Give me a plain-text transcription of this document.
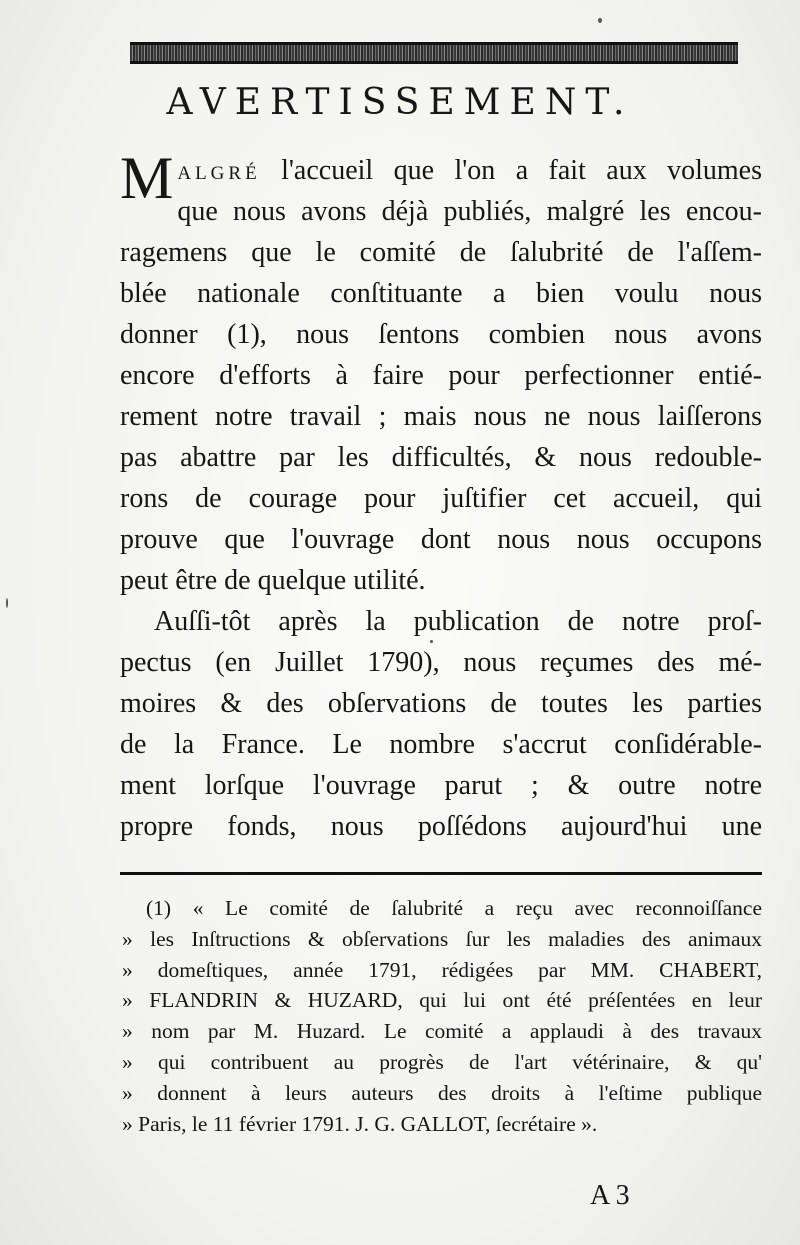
AVERTISSEMENT.
MALGRÉ l'accueil que l'on a fait aux volumes
que nous avons déjà publiés, malgré les encou-
ragemens que le comité de ſalubrité de l'aſſem-
blée nationale conſtituante a bien voulu nous
donner (1), nous ſentons combien nous avons
encore d'efforts à faire pour perfectionner entié-
rement notre travail ; mais nous ne nous laiſſerons
pas abattre par les difficultés, & nous redouble-
rons de courage pour juſtifier cet accueil, qui
prouve que l'ouvrage dont nous nous occupons
peut être de quelque utilité.
Auſſi-tôt après la publication de notre proſ-
pectus (en Juillet 1790), nous reçumes des mé-
moires & des obſervations de toutes les parties
de la France. Le nombre s'accrut conſidérable-
ment lorſque l'ouvrage parut ; & outre notre
propre fonds, nous poſſédons aujourd'hui une
(1) « Le comité de ſalubrité a reçu avec reconnoiſſance
» les Inſtructions & obſervations ſur les maladies des animaux
» domeſtiques, année 1791, rédigées par MM. CHABERT,
» FLANDRIN & HUZARD, qui lui ont été préſentées en leur
» nom par M. Huzard. Le comité a applaudi à des travaux
» qui contribuent au progrès de l'art vétérinaire, & qu'
» donnent à leurs auteurs des droits à l'eſtime publique
» Paris, le 11 février 1791. J. G. GALLOT, ſecrétaire ».
A 3
